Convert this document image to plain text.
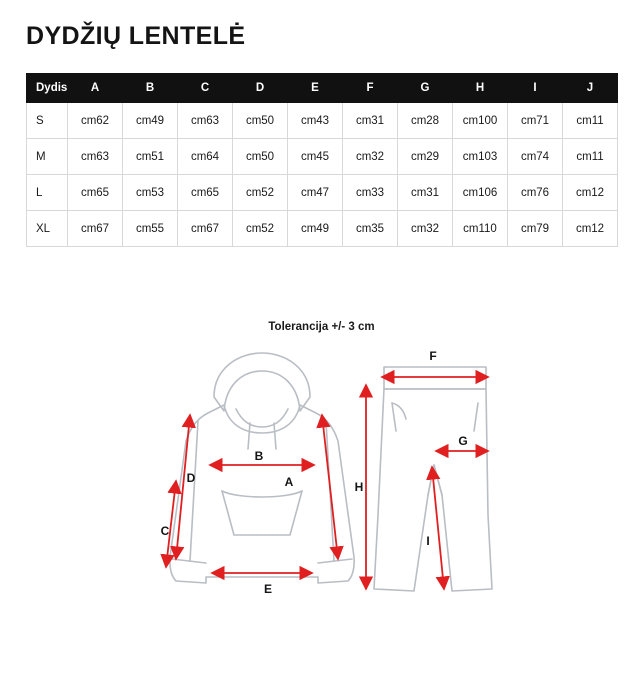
DYDŽIŲ LENTELĖ
Dydis	A	B	C	D	E	F	G	H	I	J
S	cm62	cm49	cm63	cm50	cm43	cm31	cm28	cm100	cm71	cm11
M	cm63	cm51	cm64	cm50	cm45	cm32	cm29	cm103	cm74	cm11
L	cm65	cm53	cm65	cm52	cm47	cm33	cm31	cm106	cm76	cm12
XL	cm67	cm55	cm67	cm52	cm49	cm35	cm32	cm110	cm79	cm12
Tolerancija +/- 3 cm
D	A
C
B
E
F
G
H
I
